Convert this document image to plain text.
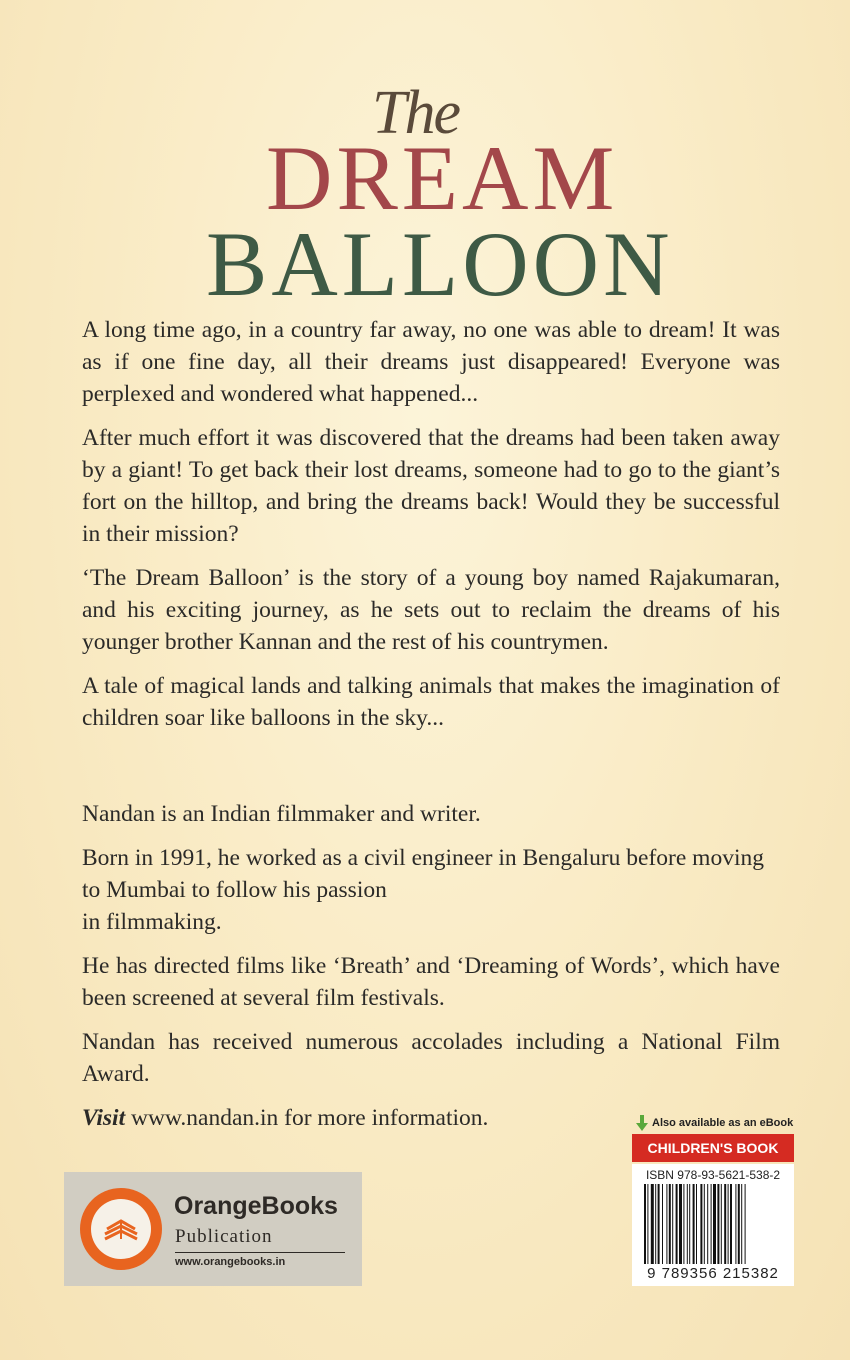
The
DREAM
BALLOON

A long time ago, in a country far away, no one was able to dream! It was as if one fine day, all their dreams just disappeared! Everyone was perplexed and wondered what happened...

After much effort it was discovered that the dreams had been taken away by a giant! To get back their lost dreams, someone had to go to the giant’s fort on the hilltop, and bring the dreams back! Would they be successful in their mission?

‘The Dream Balloon’ is the story of a young boy named Rajakumaran, and his exciting journey, as he sets out to reclaim the dreams of his younger brother Kannan and the rest of his countrymen.

A tale of magical lands and talking animals that makes the imagination of children soar like balloons in the sky...

Nandan is an Indian filmmaker and writer.

Born in 1991, he worked as a civil engineer in Bengaluru before moving to Mumbai to follow his passion
in filmmaking.

He has directed films like ‘Breath’ and ‘Dreaming of Words’, which have been screened at several film festivals.

Nandan has received numerous accolades including a National Film Award.

Visit www.nandan.in for more information.

OrangeBooks
Publication
www.orangebooks.in
Also available as an eBook
CHILDREN'S BOOK
ISBN 978-93-5621-538-2
9 789356 215382
